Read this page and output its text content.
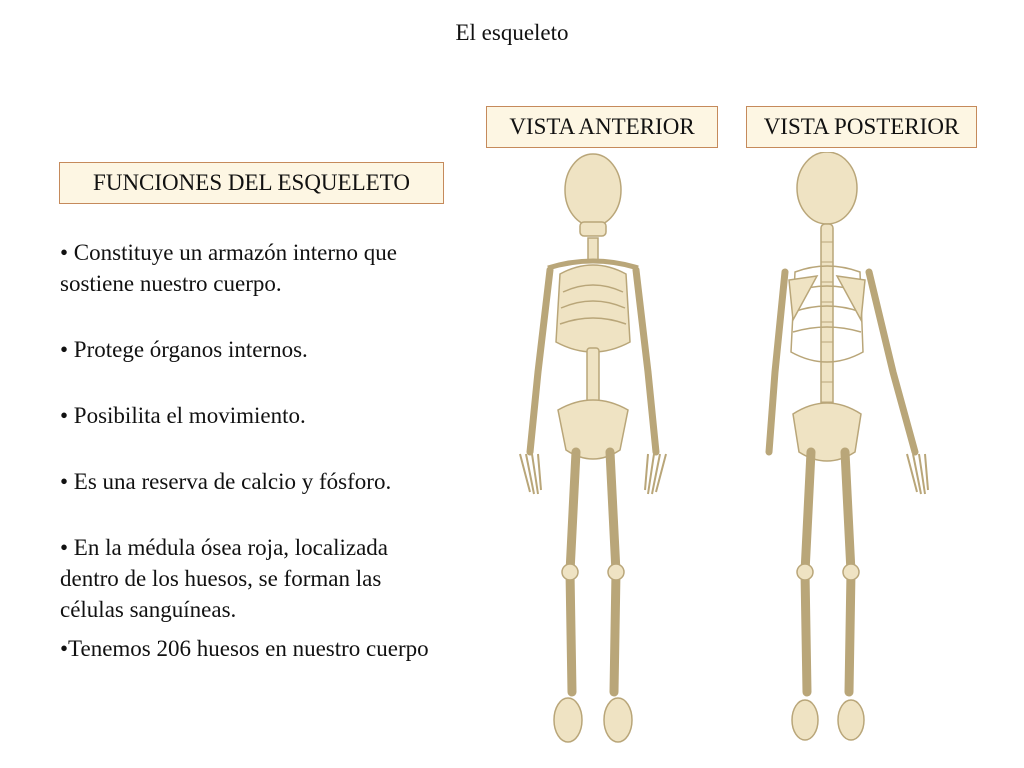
El esqueleto
VISTA ANTERIOR	VISTA POSTERIOR
FUNCIONES DEL ESQUELETO

• Constituye un armazón interno que sostiene nuestro cuerpo.

• Protege órganos internos.

• Posibilita el movimiento.

• Es una reserva de calcio y fósforo.

• En la médula ósea roja, localizada dentro de los huesos, se forman las células sanguíneas.

•Tenemos 206 huesos en nuestro cuerpo
